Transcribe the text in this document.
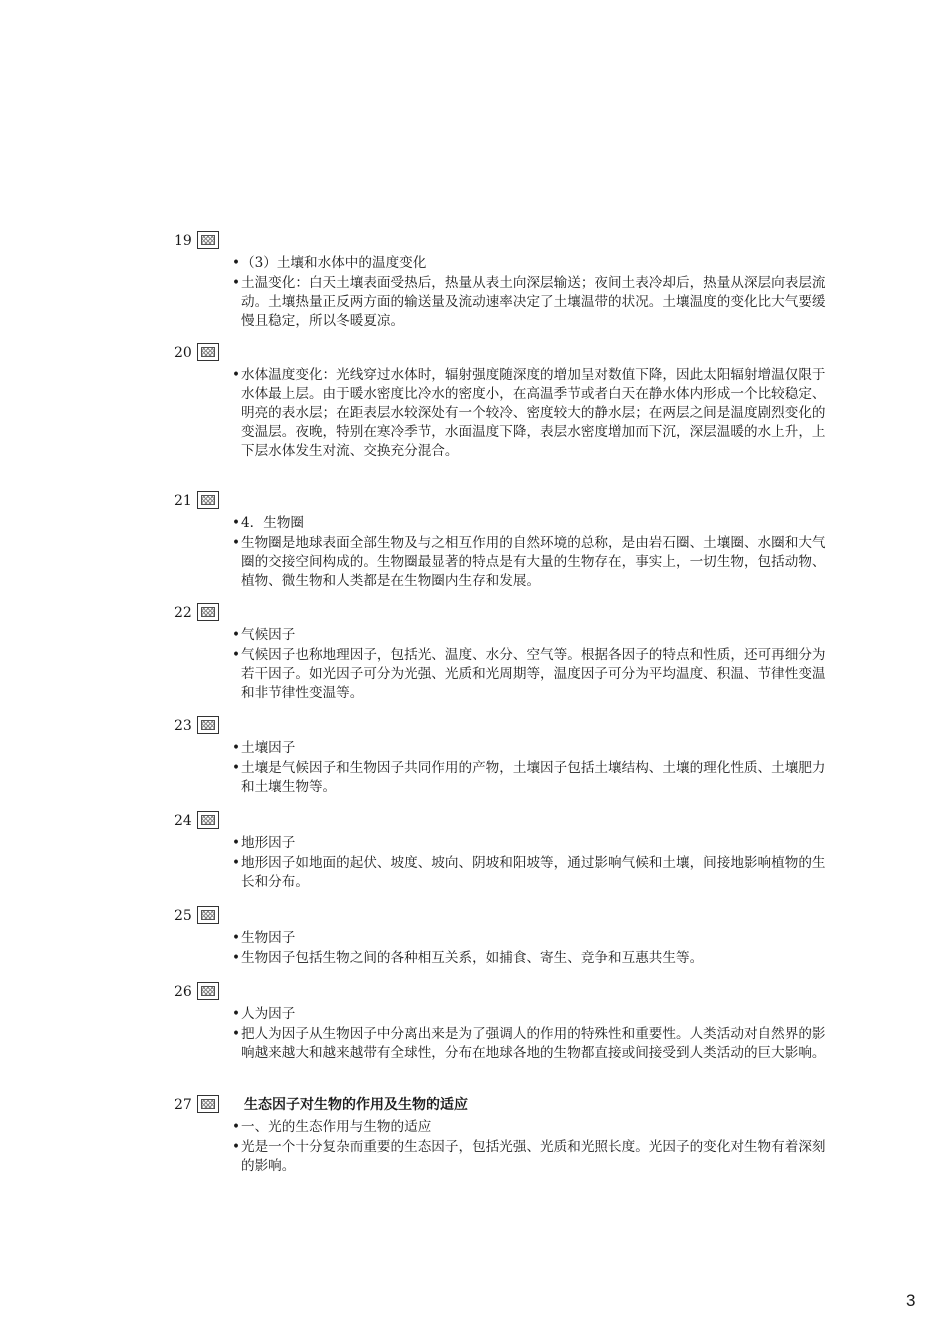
19
• （3）土壤和水体中的温度变化
• 土温变化：白天土壤表面受热后，热量从表土向深层输送；夜间土表冷却后，热量从深层向表层流动。土壤热量正反两方面的输送量及流动速率决定了土壤温带的状况。土壤温度的变化比大气要缓慢且稳定，所以冬暖夏凉。
20
• 水体温度变化：光线穿过水体时，辐射强度随深度的增加呈对数值下降，因此太阳辐射增温仅限于水体最上层。由于暖水密度比冷水的密度小，在高温季节或者白天在静水体内形成一个比较稳定、明亮的表水层；在距表层水较深处有一个较冷、密度较大的静水层；在两层之间是温度剧烈变化的变温层。夜晚，特别在寒冷季节，水面温度下降，表层水密度增加而下沉，深层温暖的水上升，上下层水体发生对流、交换充分混合。
21
• 4．生物圈
• 生物圈是地球表面全部生物及与之相互作用的自然环境的总称，是由岩石圈、土壤圈、水圈和大气圈的交接空间构成的。生物圈最显著的特点是有大量的生物存在，事实上，一切生物，包括动物、植物、微生物和人类都是在生物圈内生存和发展。
22
• 气候因子
• 气候因子也称地理因子，包括光、温度、水分、空气等。根据各因子的特点和性质，还可再细分为若干因子。如光因子可分为光强、光质和光周期等，温度因子可分为平均温度、积温、节律性变温和非节律性变温等。
23
• 土壤因子
• 土壤是气候因子和生物因子共同作用的产物，土壤因子包括土壤结构、土壤的理化性质、土壤肥力和土壤生物等。
24
• 地形因子
• 地形因子如地面的起伏、坡度、坡向、阴坡和阳坡等，通过影响气候和土壤，间接地影响植物的生长和分布。
25
• 生物因子
• 生物因子包括生物之间的各种相互关系，如捕食、寄生、竞争和互惠共生等。
26
• 人为因子
• 把人为因子从生物因子中分离出来是为了强调人的作用的特殊性和重要性。人类活动对自然界的影响越来越大和越来越带有全球性，分布在地球各地的生物都直接或间接受到人类活动的巨大影响。
27	生态因子对生物的作用及生物的适应
• 一、光的生态作用与生物的适应
• 光是一个十分复杂而重要的生态因子，包括光强、光质和光照长度。光因子的变化对生物有着深刻的影响。
3
